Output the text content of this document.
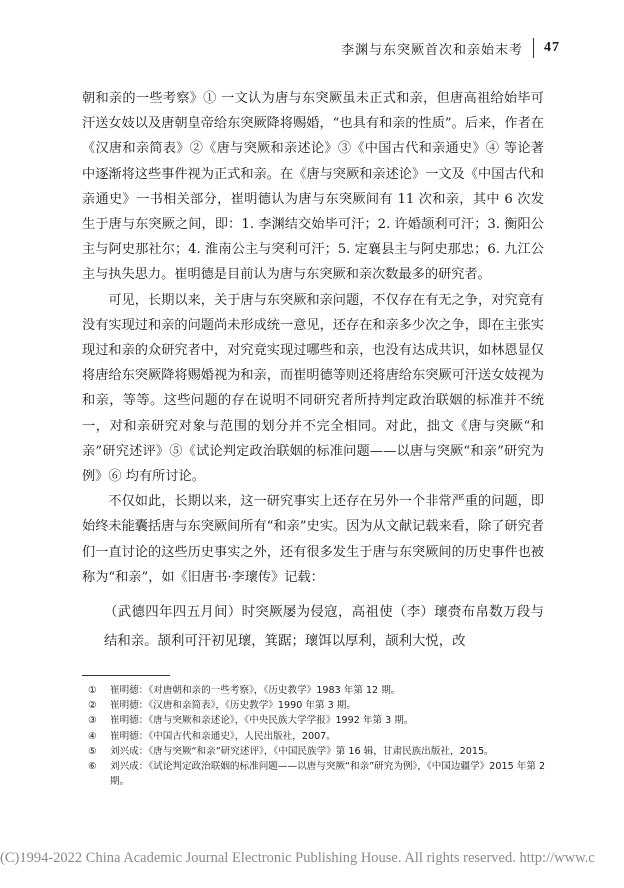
李渊与东突厥首次和亲始末考 47

朝和亲的一些考察》① 一文认为唐与东突厥虽未正式和亲，但唐高祖给始毕可汗送女妓以及唐朝皇帝给东突厥降将赐婚，“也具有和亲的性质”。后来，作者在《汉唐和亲简表》②《唐与突厥和亲述论》③《中国古代和亲通史》④ 等论著中逐渐将这些事件视为正式和亲。在《唐与突厥和亲述论》一文及《中国古代和亲通史》一书相关部分，崔明德认为唐与东突厥间有 11 次和亲，其中 6 次发生于唐与东突厥之间，即：1. 李渊结交始毕可汗；2. 许婚颉利可汗；3. 衡阳公主与阿史那社尔；4. 淮南公主与突利可汗；5. 定襄县主与阿史那忠；6. 九江公主与执失思力。崔明德是目前认为唐与东突厥和亲次数最多的研究者。

可见，长期以来，关于唐与东突厥和亲问题，不仅存在有无之争，对究竟有没有实现过和亲的问题尚未形成统一意见，还存在和亲多少次之争，即在主张实现过和亲的众研究者中，对究竟实现过哪些和亲，也没有达成共识，如林恩显仅将唐给东突厥降将赐婚视为和亲，而崔明德等则还将唐给东突厥可汗送女妓视为和亲，等等。这些问题的存在说明不同研究者所持判定政治联姻的标准并不统一，对和亲研究对象与范围的划分并不完全相同。对此，拙文《唐与突厥“和亲”研究述评》⑤《试论判定政治联姻的标准问题——以唐与突厥“和亲”研究为例》⑥ 均有所讨论。

不仅如此，长期以来，这一研究事实上还存在另外一个非常严重的问题，即始终未能囊括唐与东突厥间所有“和亲”史实。因为从文献记载来看，除了研究者们一直讨论的这些历史事实之外，还有很多发生于唐与东突厥间的历史事件也被称为“和亲”，如《旧唐书·李瓌传》记载：

（武德四年四五月间）时突厥屡为侵寇，高祖使（李）瓌赍布帛数万段与结和亲。颉利可汗初见瓌，箕踞；瓌饵以厚利，颉利大悦，改
①	崔明德：《对唐朝和亲的一些考察》，《历史教学》1983 年第 12 期。
②	崔明德：《汉唐和亲简表》，《历史教学》1990 年第 3 期。
③	崔明德：《唐与突厥和亲述论》，《中央民族大学学报》1992 年第 3 期。
④	崔明德：《中国古代和亲通史》，人民出版社，2007。
⑤	刘兴成：《唐与突厥“和亲”研究述评》，《中国民族学》第 16 辑，甘肃民族出版社，2015。
⑥	刘兴成：《试论判定政治联姻的标准问题——以唐与突厥“和亲”研究为例》，《中国边疆学》2015 年第 2 期。
(C)1994-2022 China Academic Journal Electronic Publishing House. All rights reserved. http://www.c
